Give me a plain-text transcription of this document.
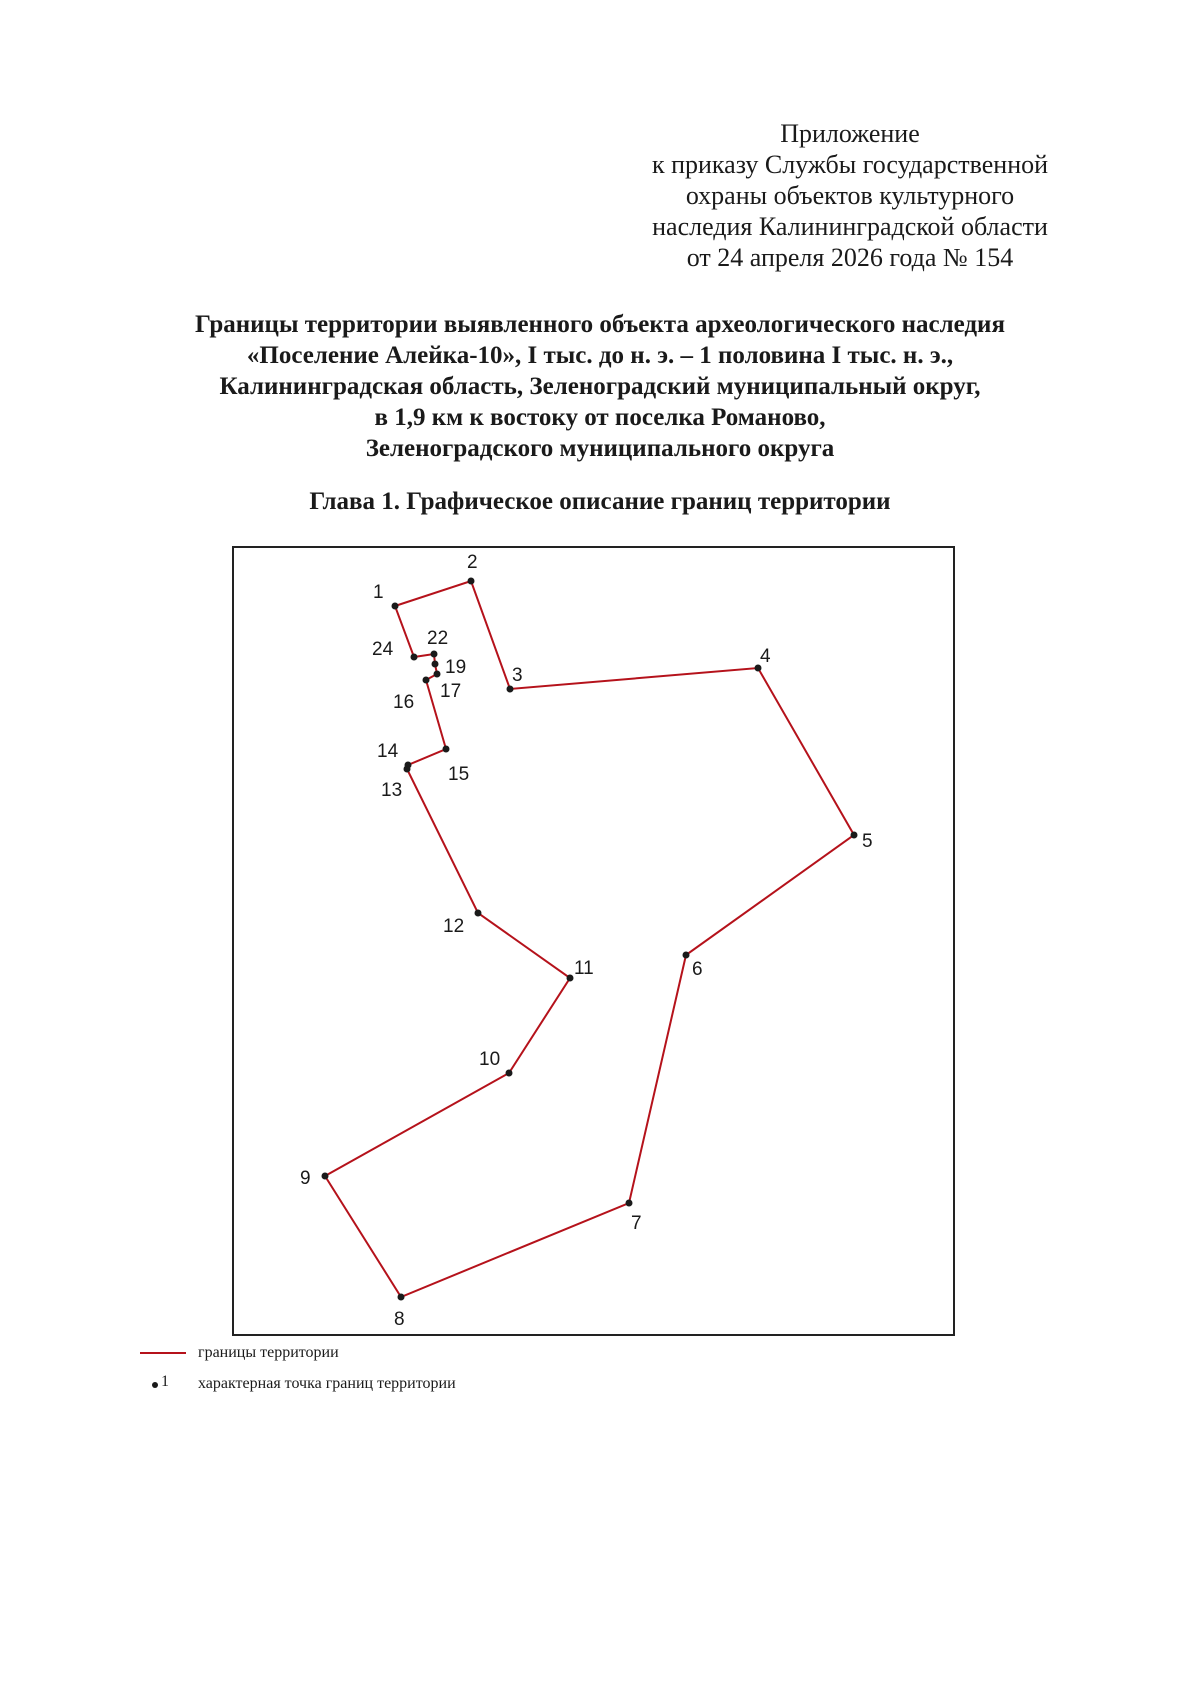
Приложение
к приказу Службы государственной
охраны объектов культурного
наследия Калининградской области
от 24 апреля 2026 года № 154
Границы территории выявленного объекта археологического наследия
«Поселение Алейка-10», I тыс. до н. э. – 1 половина I тыс. н. э.,
Калининградская область, Зеленоградский муниципальный округ,
в 1,9 км к востоку от поселка Романово,
Зеленоградского муниципального округа
Глава 1. Графическое описание границ территории
1
2
3
4
5
6
7
8
9
10
11
12
13
14
15
16
17
19
22
24
границы территории
1 характерная точка границ территории
